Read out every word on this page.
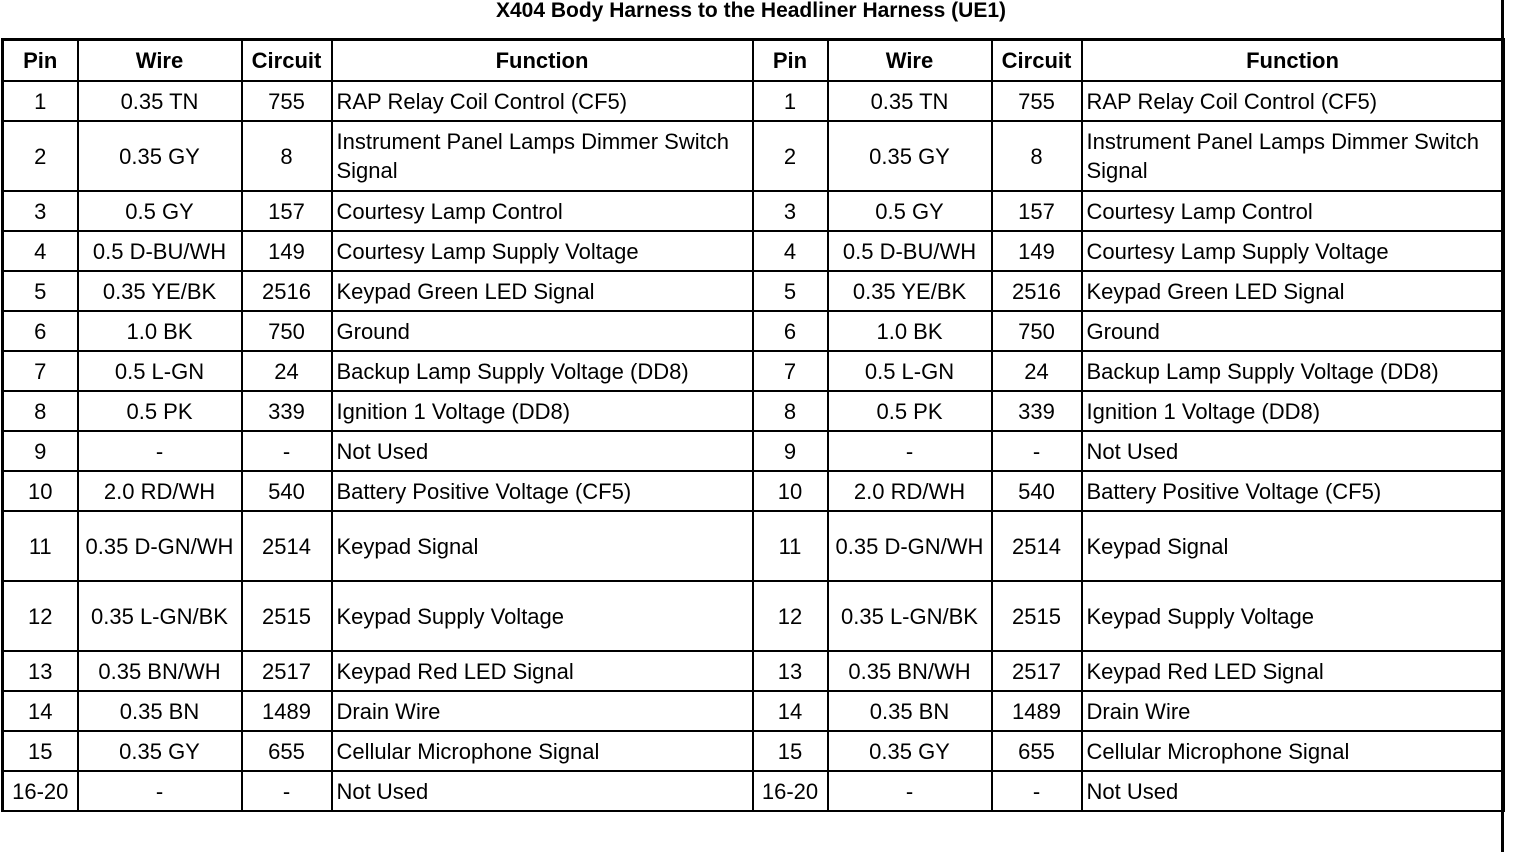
X404 Body Harness to the Headliner Harness (UE1)
Pin	Wire	Circuit	Function	Pin	Wire	Circuit	Function
1	0.35 TN	755	RAP Relay Coil Control (CF5)	1	0.35 TN	755	RAP Relay Coil Control (CF5)
2	0.35 GY	8	Instrument Panel Lamps Dimmer Switch Signal	2	0.35 GY	8	Instrument Panel Lamps Dimmer Switch Signal
3	0.5 GY	157	Courtesy Lamp Control	3	0.5 GY	157	Courtesy Lamp Control
4	0.5 D-BU/WH	149	Courtesy Lamp Supply Voltage	4	0.5 D-BU/WH	149	Courtesy Lamp Supply Voltage
5	0.35 YE/BK	2516	Keypad Green LED Signal	5	0.35 YE/BK	2516	Keypad Green LED Signal
6	1.0 BK	750	Ground	6	1.0 BK	750	Ground
7	0.5 L-GN	24	Backup Lamp Supply Voltage (DD8)	7	0.5 L-GN	24	Backup Lamp Supply Voltage (DD8)
8	0.5 PK	339	Ignition 1 Voltage (DD8)	8	0.5 PK	339	Ignition 1 Voltage (DD8)
9	-	-	Not Used	9	-	-	Not Used
10	2.0 RD/WH	540	Battery Positive Voltage (CF5)	10	2.0 RD/WH	540	Battery Positive Voltage (CF5)
11	0.35 D-GN/WH	2514	Keypad Signal	11	0.35 D-GN/WH	2514	Keypad Signal
12	0.35 L-GN/BK	2515	Keypad Supply Voltage	12	0.35 L-GN/BK	2515	Keypad Supply Voltage
13	0.35 BN/WH	2517	Keypad Red LED Signal	13	0.35 BN/WH	2517	Keypad Red LED Signal
14	0.35 BN	1489	Drain Wire	14	0.35 BN	1489	Drain Wire
15	0.35 GY	655	Cellular Microphone Signal	15	0.35 GY	655	Cellular Microphone Signal
16-20	-	-	Not Used	16-20	-	-	Not Used
